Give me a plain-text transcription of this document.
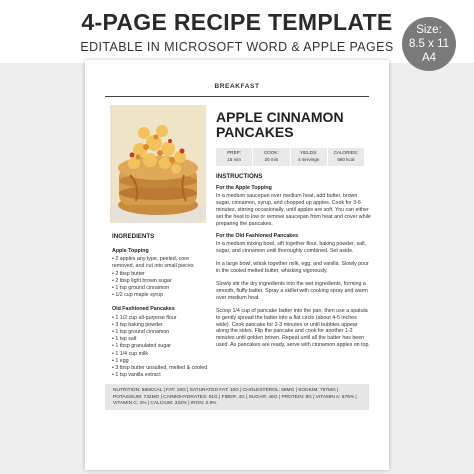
4-PAGE RECIPE TEMPLATE
EDITABLE IN MICROSOFT WORD & APPLE PAGES
Size:
8.5 x 11
A4
BREAKFAST
APPLE CINNAMON PANCAKES
PREP:
15 min
COOK:
20 min
YIELDS:
4 servings
CALORIES:
560 kcal
INSTRUCTIONS
For the Apple Topping

In a medium saucepan over medium heat, add butter, brown sugar, cinnamon, syrup, and chopped up apples. Cook for 3-6 minutes, stirring occasionally, until apples are soft. You can either set the heat to low or remove saucepan from heat and cover while preparing the pancakes.

For the Old Fashioned Pancakes

In a medium mixing bowl, sift together flour, baking powder, salt, sugar, and cinnamon until thoroughly combined. Set aside.

In a large bowl, whisk together milk, egg, and vanilla. Slowly pour in the cooled melted butter, whisking vigorously.

Slowly stir the dry ingredients into the wet ingredients, forming a smooth, fluffy batter. Spray a skillet with cooking spray and warm over medium heat.

Scoop 1/4 cup of pancake batter into the pan, then use a spatula to gently spread the batter into a flat circle (about 4-5 inches wide). Cook pancake for 2-3 minutes or until bubbles appear along the sides. Flip the pancake and cook for another 1-2 minutes until golden brown. Repeat until all the batter has been used. As pancakes are ready, serve with cinnamon apples on top.

INGREDIENTS
Apple Topping
• 2 apples any type, peeled, core removed, and cut into small pieces
• 2 tbsp butter
• 2 tbsp light brown sugar
• 1 tsp ground cinnamon
• 1/2 cup maple syrup
Old Fashioned Pancakes
• 1 1/2 cup all-purpose flour
• 3 tsp baking powder
• 1 tsp ground cinnamon
• 1 tsp salt
• 1 tbsp granulated sugar
• 1 1/4 cup milk
• 1 egg
• 3 tbsp butter unsalted, melted & cooled
• 1 tsp vanilla extract
NUTRITION: 560KCAL | FAT: 18G | SATURATED FAT: 10G | CHOLESTEROL: 86MG | SODIUM: 767MG | POTASSIUM: 732MG | CARBOHYDRATES: 91G | FIBER: 4G | SUGAR: 46G | PROTEIN: 9G | VITAMIN A: 675% | VITAMIN C: 4% | CALCIUM: 332% | IRON: 2.9%
